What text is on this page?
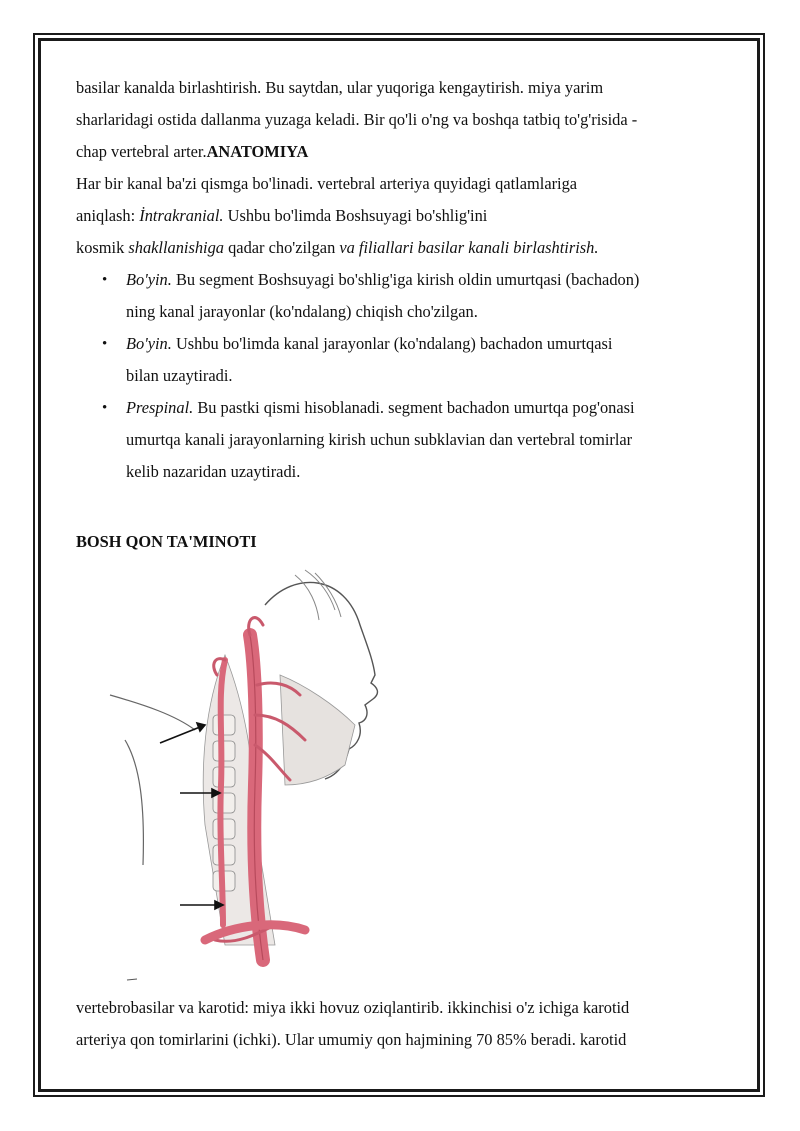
basilar kanalda birlashtirish. Bu saytdan, ular yuqoriga kengaytirish. miya yarim
sharlaridagi ostida dallanma yuzaga keladi. Bir qo'li o'ng va boshqa tatbiq to'g'risida -
chap vertebral arter.ANATOMIYA
Har bir kanal ba'zi qismga bo'linadi. vertebral arteriya quyidagi qatlamlariga
aniqlash: İntrakranial. Ushbu bo'limda Boshsuyagi bo'shlig'ini
kosmik shakllanishiga qadar cho'zilgan va filiallari basilar kanali birlashtirish.
• Bo'yin. Bu segment Boshsuyagi bo'shlig'iga kirish oldin umurtqasi (bachadon)
ning kanal jarayonlar (ko'ndalang) chiqish cho'zilgan.
• Bo'yin. Ushbu bo'limda kanal jarayonlar (ko'ndalang) bachadon umurtqasi
bilan uzaytiradi.
• Prespinal. Bu pastki qismi hisoblanadi. segment bachadon umurtqa pog'onasi
umurtqa kanali jarayonlarning kirish uchun subklavian dan vertebral tomirlar
kelib nazaridan uzaytiradi.
BOSH QON TA'MINOTI
vertebrobasilar va karotid: miya ikki hovuz oziqlantirib. ikkinchisi o'z ichiga karotid
arteriya qon tomirlarini (ichki). Ular umumiy qon hajmining 70 85% beradi. karotid
